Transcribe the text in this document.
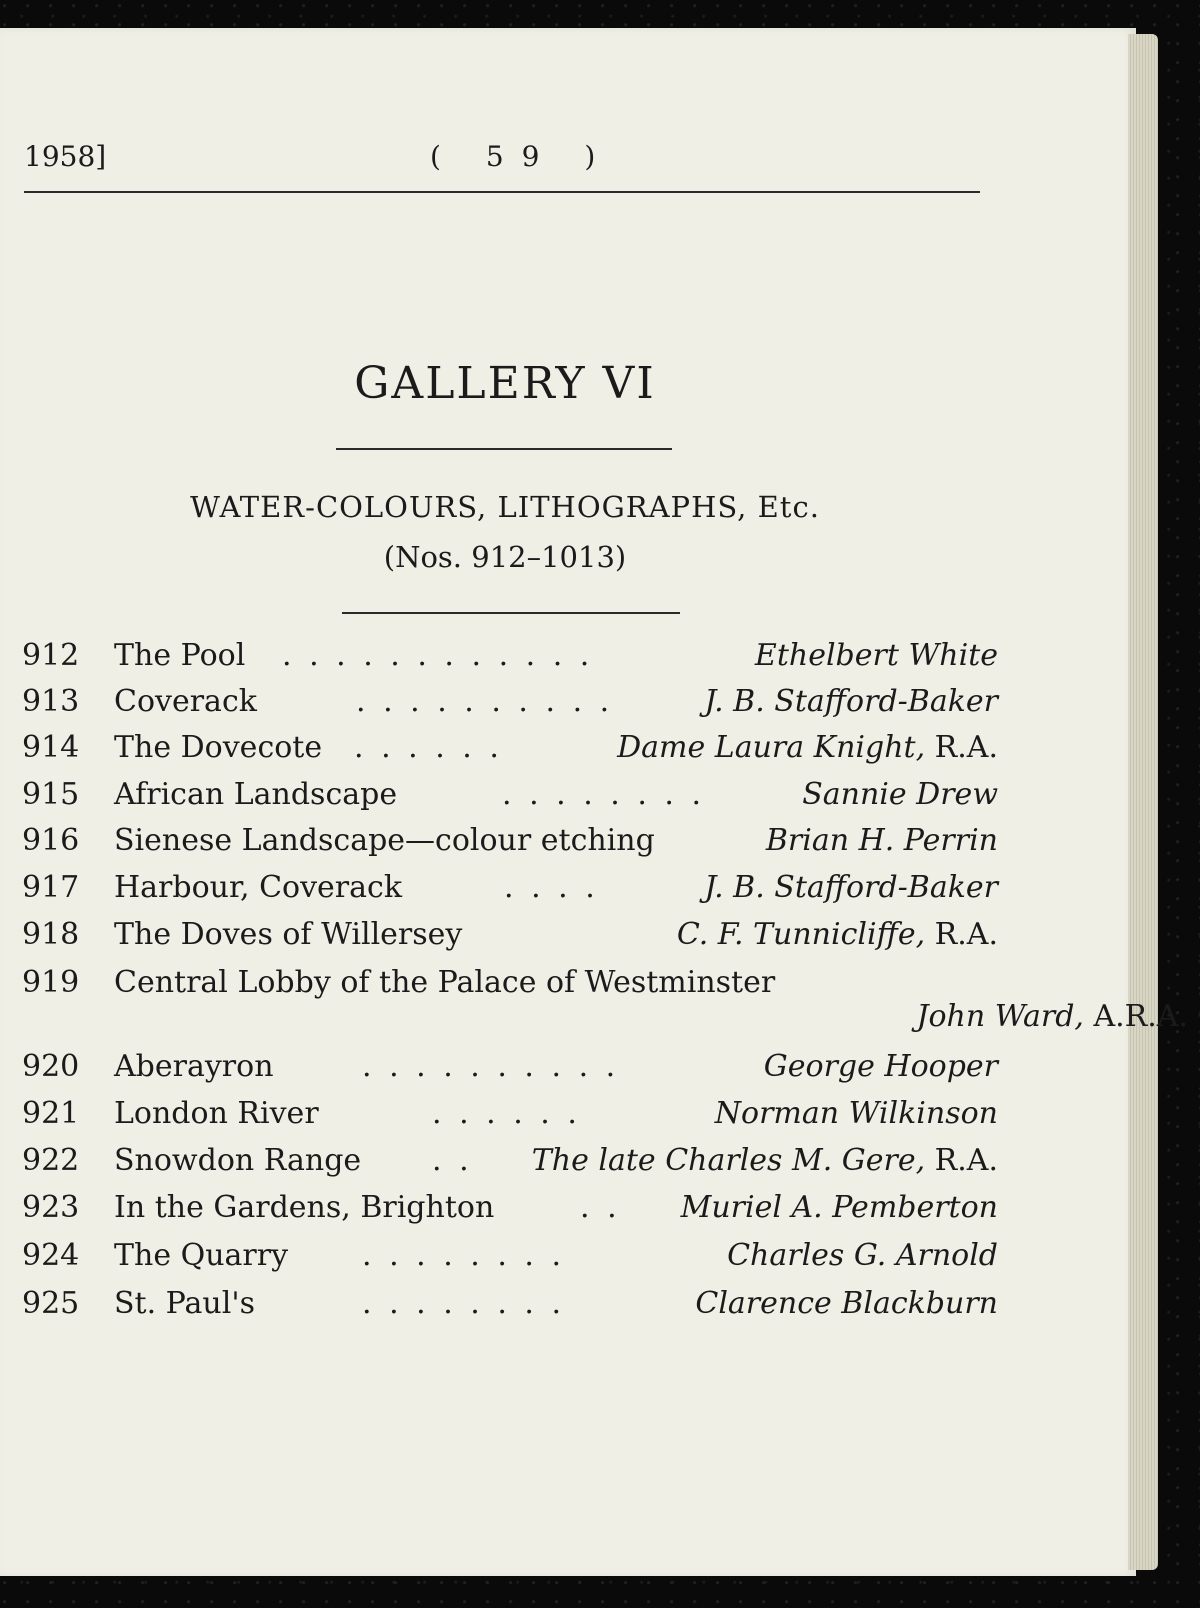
1958]	( 59 )
GALLERY VI
WATER-COLOURS, LITHOGRAPHS, Etc.
(Nos. 912–1013)
912 The Pool . . . . . . . . . . . .	Ethelbert White
913 Coverack	. . . . . . . . . .	J. B. Stafford-Baker
914 The Dovecote . . . . . .	Dame Laura Knight, R.A.
915 African Landscape	. . . . . . . .	Sannie Drew
916 Sienese Landscape—colour etching	Brian H. Perrin
917 Harbour, Coverack	. . . .	J. B. Stafford-Baker
918 The Doves of Willersey	C. F. Tunnicliffe, R.A.
919 Central Lobby of the Palace of Westminster
John Ward, A.R.A.
920 Aberayron	. . . . . . . . . .	George Hooper
921 London River	. . . . . .	Norman Wilkinson
922 Snowdon Range . . The late Charles M. Gere, R.A.
923 In the Gardens, Brighton	. . Muriel A. Pemberton
924 The Quarry . . . . . . . .	Charles G. Arnold
925 St. Paul's	. . . . . . . .	Clarence Blackburn
